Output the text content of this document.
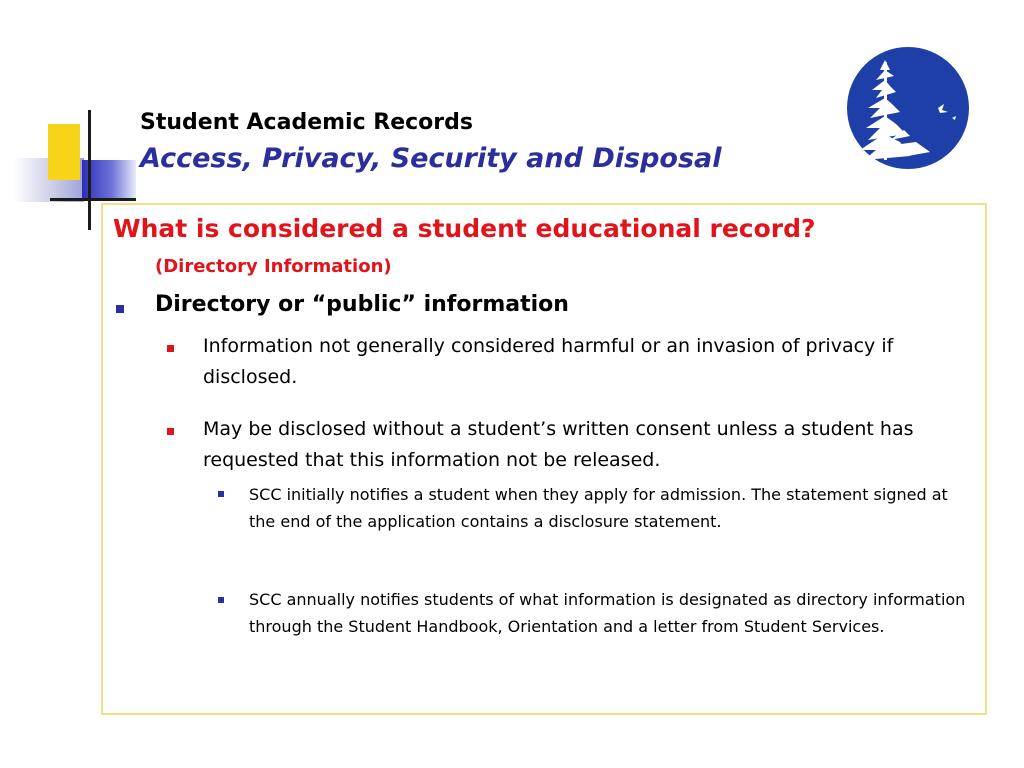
Student Academic Records
Access, Privacy, Security and Disposal

What is considered a student educational record?

(Directory Information)

Directory or “public” information

Information not generally considered harmful or an invasion of privacy if disclosed.

May be disclosed without a student’s written consent unless a student has requested that this information not be released.

SCC initially notifies a student when they apply for admission. The statement signed at the end of the application contains a disclosure statement.

SCC annually notifies students of what information is designated as directory information through the Student Handbook, Orientation and a letter from Student Services.
